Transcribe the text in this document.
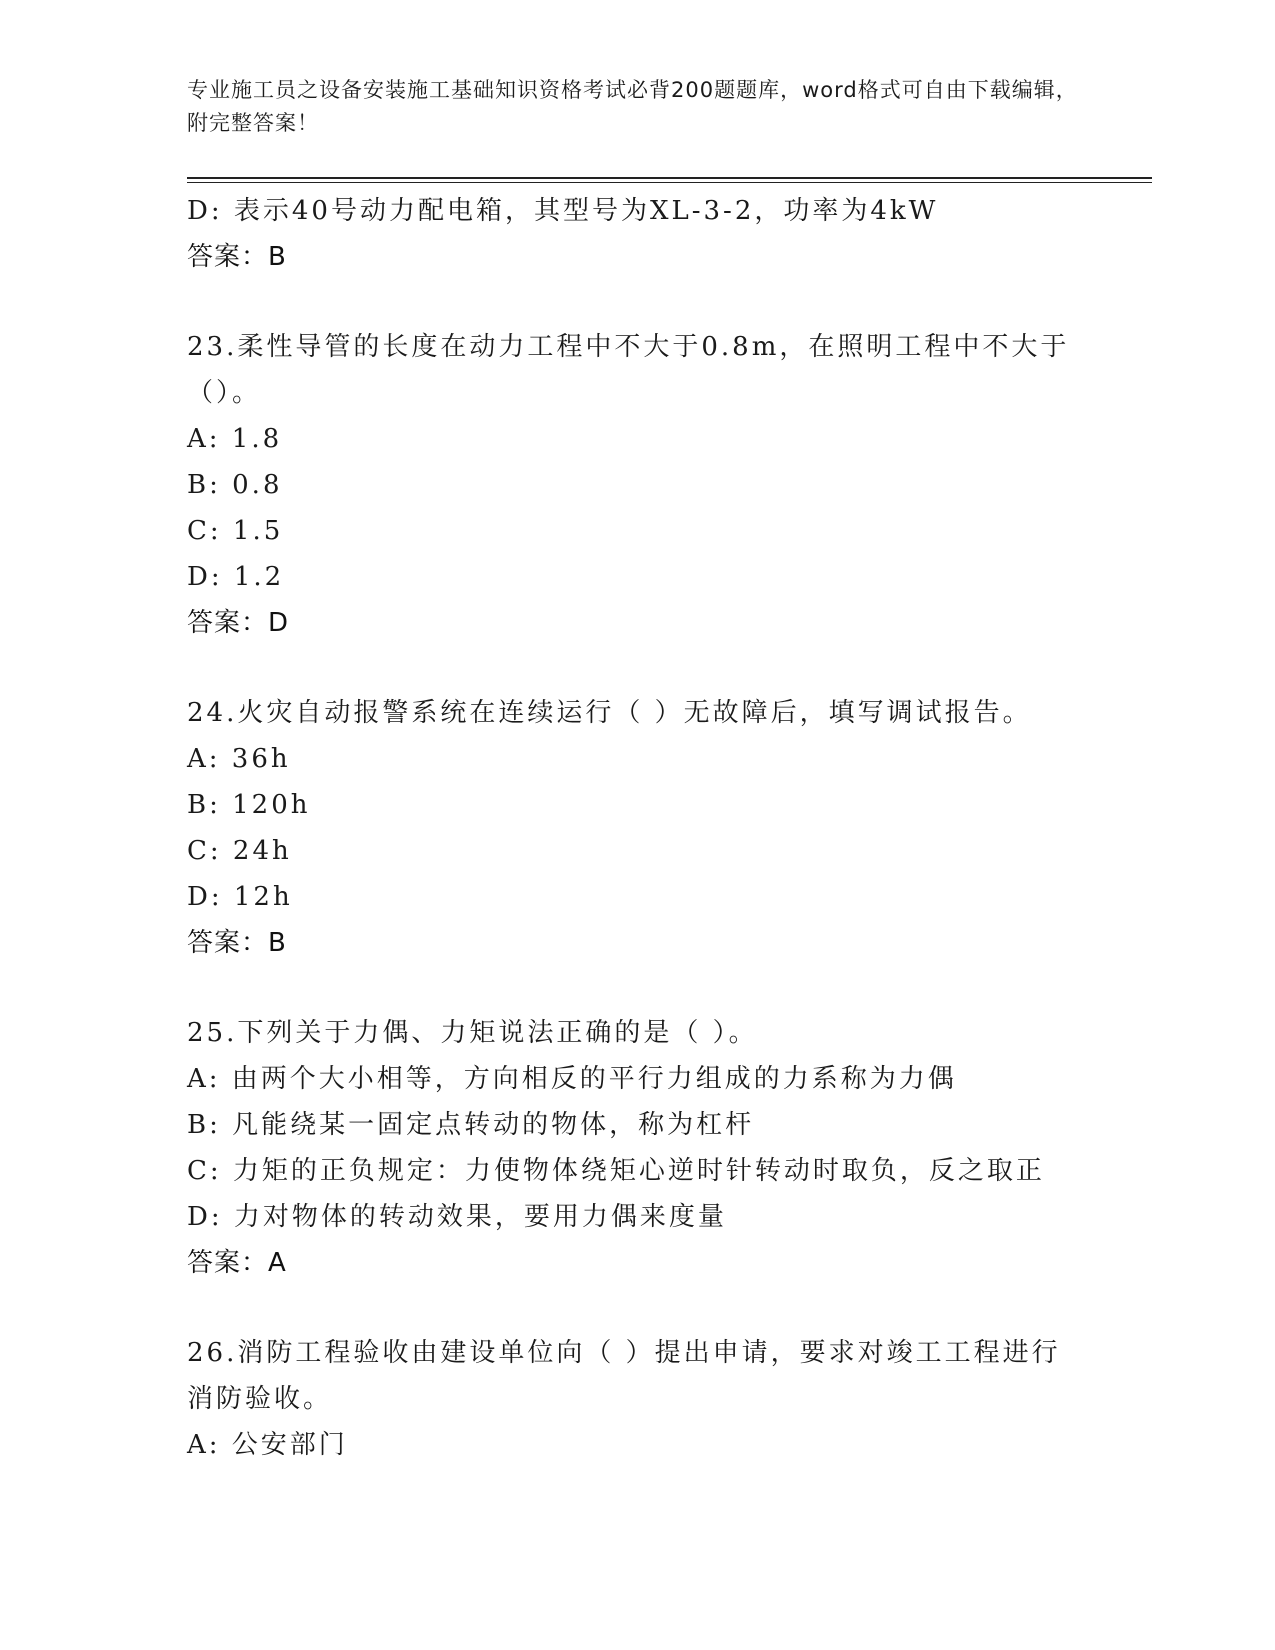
专业施工员之设备安装施工基础知识资格考试必背200题题库，word格式可自由下载编辑，附完整答案！
D: 表示40号动力配电箱，其型号为XL-3-2，功率为4kW
答案：B
23.柔性导管的长度在动力工程中不大于0.8m，在照明工程中不大于（）。
A: 1.8
B: 0.8
C: 1.5
D: 1.2
答案：D
24.火灾自动报警系统在连续运行（ ）无故障后，填写调试报告。
A: 36h
B: 120h
C: 24h
D: 12h
答案：B
25.下列关于力偶、力矩说法正确的是（ ）。
A: 由两个大小相等，方向相反的平行力组成的力系称为力偶
B: 凡能绕某一固定点转动的物体，称为杠杆
C: 力矩的正负规定：力使物体绕矩心逆时针转动时取负，反之取正
D: 力对物体的转动效果，要用力偶来度量
答案：A
26.消防工程验收由建设单位向（ ）提出申请，要求对竣工工程进行消防验收。
A: 公安部门
